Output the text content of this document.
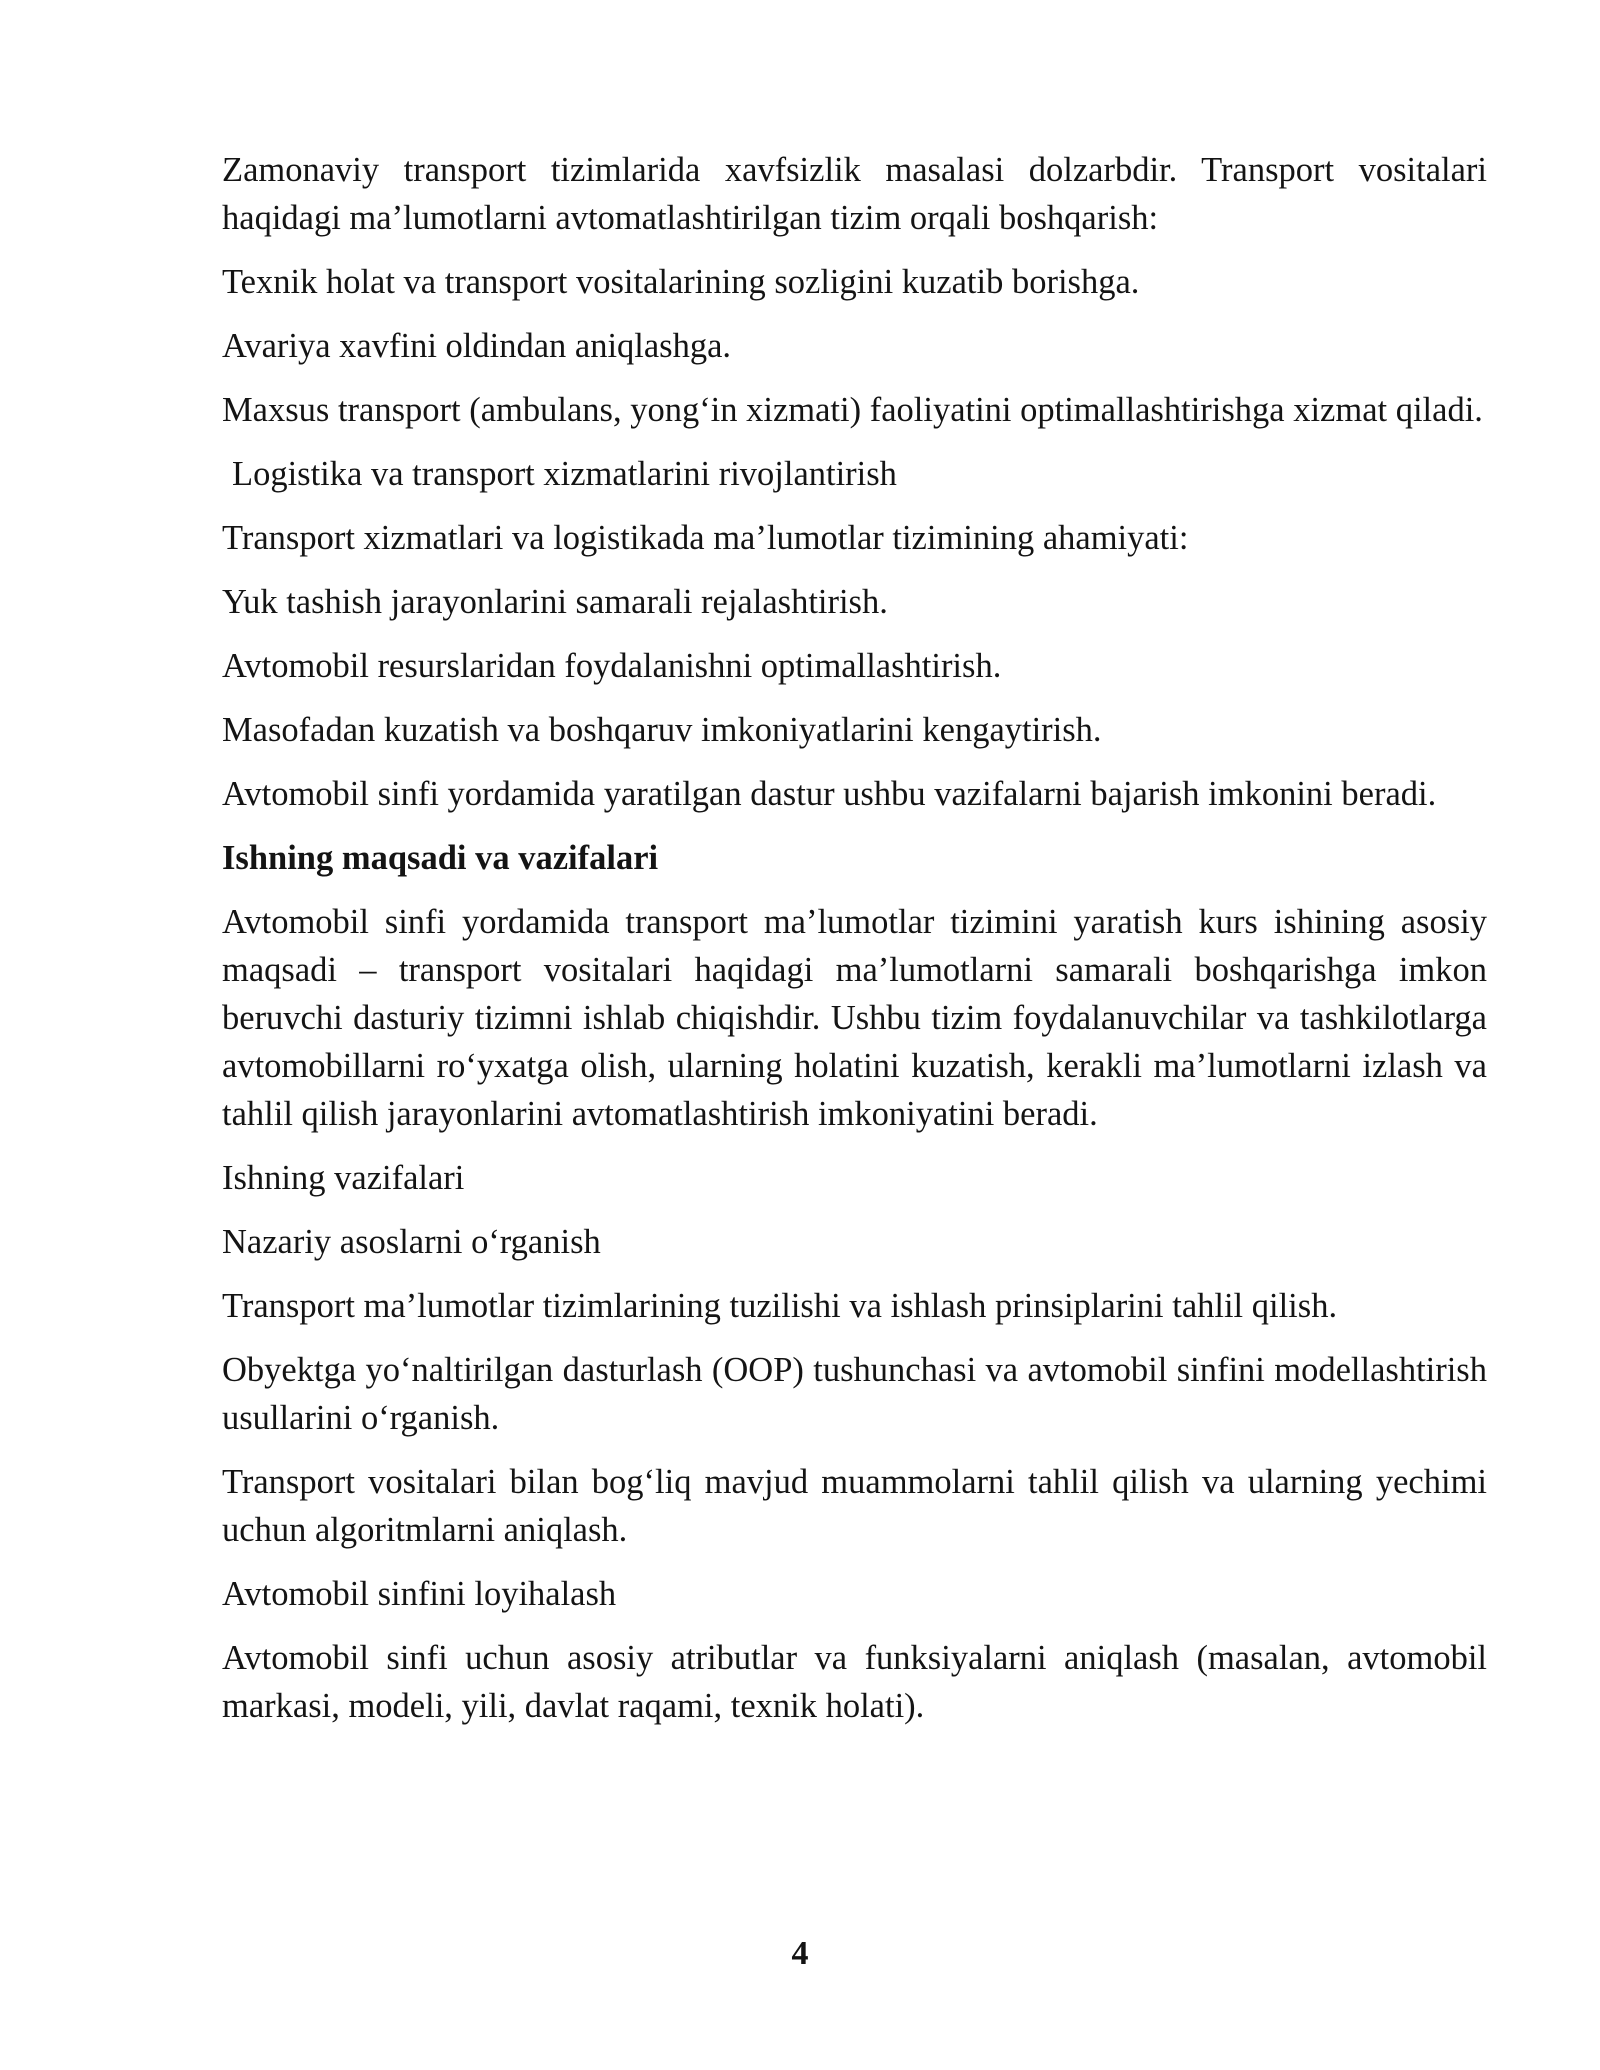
Zamonaviy transport tizimlarida xavfsizlik masalasi dolzarbdir. Transport vositalari haqidagi ma’lumotlarni avtomatlashtirilgan tizim orqali boshqarish:

Texnik holat va transport vositalarining sozligini kuzatib borishga.

Avariya xavfini oldindan aniqlashga.

Maxsus transport (ambulans, yong‘in xizmati) faoliyatini optimallashtirishga xizmat qiladi.

Logistika va transport xizmatlarini rivojlantirish

Transport xizmatlari va logistikada ma’lumotlar tizimining ahamiyati:

Yuk tashish jarayonlarini samarali rejalashtirish.

Avtomobil resurslaridan foydalanishni optimallashtirish.

Masofadan kuzatish va boshqaruv imkoniyatlarini kengaytirish.

Avtomobil sinfi yordamida yaratilgan dastur ushbu vazifalarni bajarish imkonini beradi.

Ishning maqsadi va vazifalari

Avtomobil sinfi yordamida transport ma’lumotlar tizimini yaratish kurs ishining asosiy maqsadi – transport vositalari haqidagi ma’lumotlarni samarali boshqarishga imkon beruvchi dasturiy tizimni ishlab chiqishdir. Ushbu tizim foydalanuvchilar va tashkilotlarga avtomobillarni ro‘yxatga olish, ularning holatini kuzatish, kerakli ma’lumotlarni izlash va tahlil qilish jarayonlarini avtomatlashtirish imkoniyatini beradi.

Ishning vazifalari

Nazariy asoslarni o‘rganish

Transport ma’lumotlar tizimlarining tuzilishi va ishlash prinsiplarini tahlil qilish.

Obyektga yo‘naltirilgan dasturlash (OOP) tushunchasi va avtomobil sinfini modellashtirish usullarini o‘rganish.

Transport vositalari bilan bog‘liq mavjud muammolarni tahlil qilish va ularning yechimi uchun algoritmlarni aniqlash.

Avtomobil sinfini loyihalash

Avtomobil sinfi uchun asosiy atributlar va funksiyalarni aniqlash (masalan, avtomobil markasi, modeli, yili, davlat raqami, texnik holati).

4
